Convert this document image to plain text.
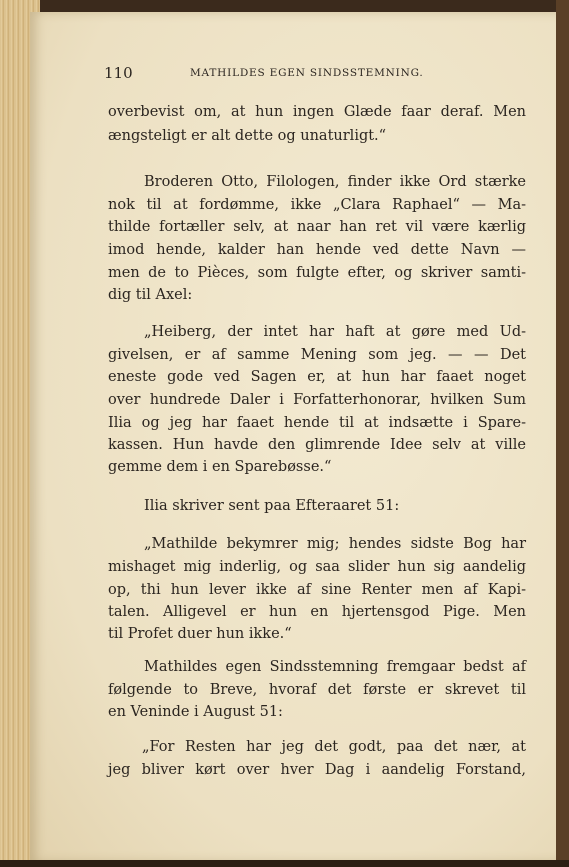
110	MATHILDES EGEN SINDSSTEMNING.
overbevist om, at hun ingen Glæde faar deraf. Men
ængsteligt er alt dette og unaturligt.“
Broderen Otto, Filologen, finder ikke Ord stærke
nok til at fordømme, ikke „Clara Raphael“ — Ma-
thilde fortæller selv, at naar han ret vil være kærlig
imod hende, kalder han hende ved dette Navn —
men de to Pièces, som fulgte efter, og skriver samti-
dig til Axel:
„Heiberg, der intet har haft at gøre med Ud-
givelsen, er af samme Mening som jeg. — — Det
eneste gode ved Sagen er, at hun har faaet noget
over hundrede Daler i Forfatterhonorar, hvilken Sum
Ilia og jeg har faaet hende til at indsætte i Spare-
kassen. Hun havde den glimrende Idee selv at ville
gemme dem i en Sparebøsse.“
Ilia skriver sent paa Efteraaret 51:
„Mathilde bekymrer mig; hendes sidste Bog har
mishaget mig inderlig, og saa slider hun sig aandelig
op, thi hun lever ikke af sine Renter men af Kapi-
talen. Alligevel er hun en hjertensgod Pige. Men
til Profet duer hun ikke.“
Mathildes egen Sindsstemning fremgaar bedst af
følgende to Breve, hvoraf det første er skrevet til
en Veninde i August 51:
„For Resten har jeg det godt, paa det nær, at
jeg bliver kørt over hver Dag i aandelig Forstand,
